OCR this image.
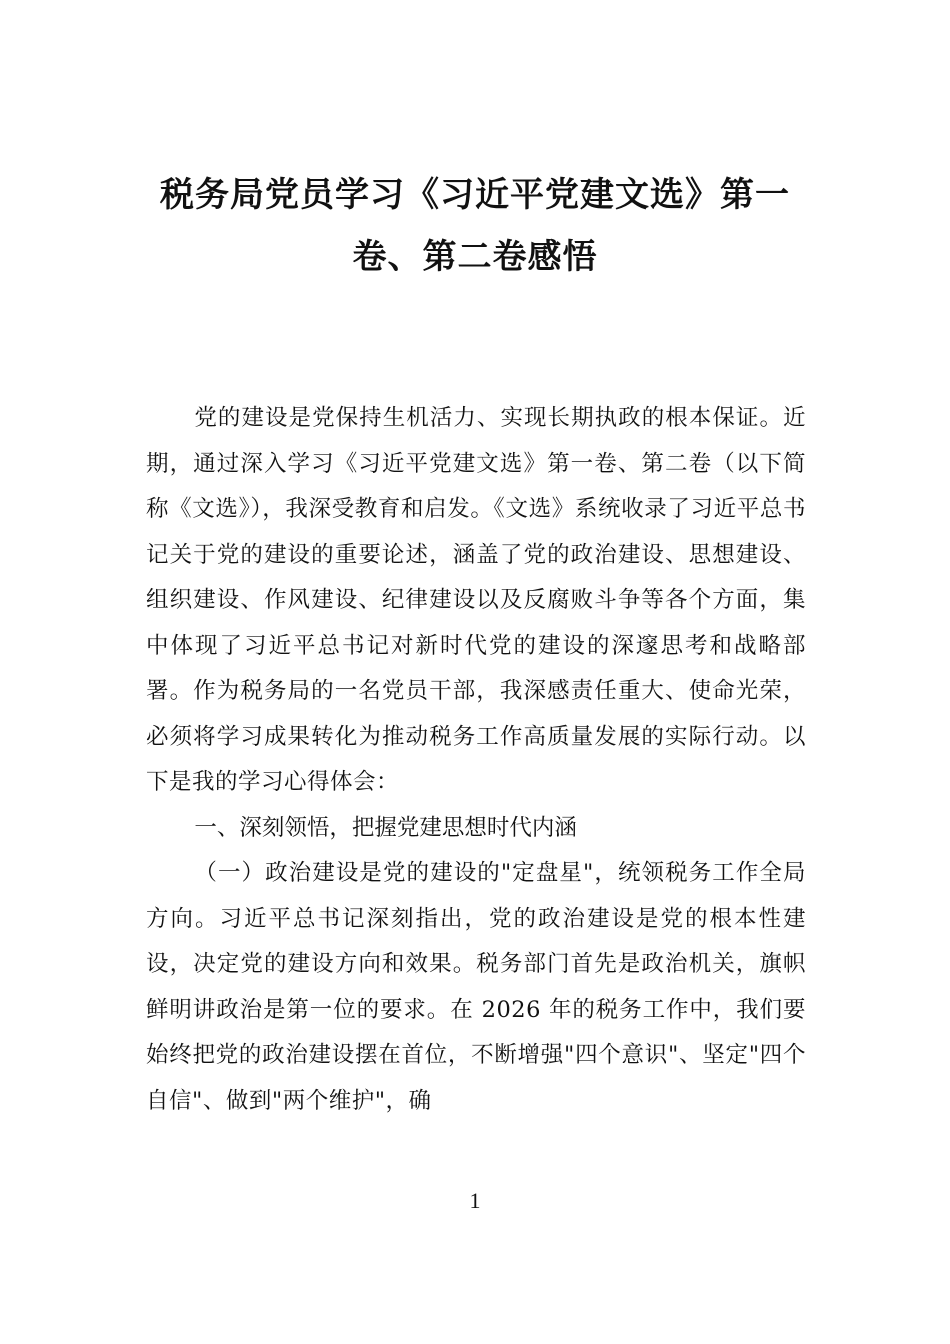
税务局党员学习《习近平党建文选》第一
卷、第二卷感悟

党的建设是党保持生机活力、实现长期执政的根本保证。近期，通过深入学习《习近平党建文选》第一卷、第二卷（以下简称《文选》），我深受教育和启发。《文选》系统收录了习近平总书记关于党的建设的重要论述，涵盖了党的政治建设、思想建设、组织建设、作风建设、纪律建设以及反腐败斗争等各个方面，集中体现了习近平总书记对新时代党的建设的深邃思考和战略部署。作为税务局的一名党员干部，我深感责任重大、使命光荣，必须将学习成果转化为推动税务工作高质量发展的实际行动。以下是我的学习心得体会：

一、深刻领悟，把握党建思想时代内涵

（一）政治建设是党的建设的"定盘星"，统领税务工作全局方向。习近平总书记深刻指出，党的政治建设是党的根本性建设，决定党的建设方向和效果。税务部门首先是政治机关，旗帜鲜明讲政治是第一位的要求。在 2026 年的税务工作中，我们要始终把党的政治建设摆在首位，不断增强"四个意识"、坚定"四个自信"、做到"两个维护"，确

1
